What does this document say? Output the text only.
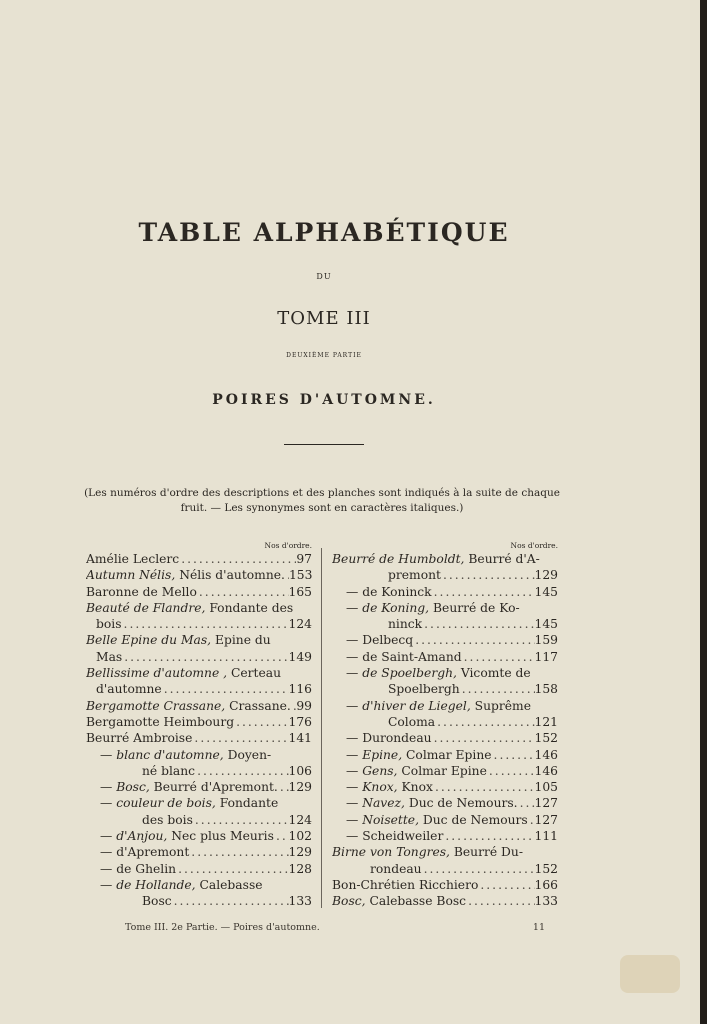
TABLE ALPHABÉTIQUE
DU
TOME III
DEUXIÈME PARTIE
POIRES D'AUTOMNE.
(Les numéros d'ordre des descriptions et des planches sont indiqués à la suite de chaque fruit. — Les synonymes sont en caractères italiques.)
Nos d'ordre.
Amélie Leclerc .....	97
Autumn Nélis, Nélis d'automne. ..... 153
Baronne de Mello .....	165
Beauté de Flandre, Fondante des
bois .....	124
Belle Epine du Mas, Epine du
Mas .....	149
Bellissime d'automne , Certeau
d'automne .....	116
Bergamotte Crassane, Crassane. ..... 99
Bergamotte Heimbourg .....	176
Beurré Ambroise .....	141
— blanc d'automne, Doyen-
né blanc .....	106
— Bosc, Beurré d'Apremont. ..... 129
— couleur de bois, Fondante
des bois .....	124
— d'Anjou, Nec plus Meuris ..... 102
— d'Apremont .....	129
— de Ghelin .....	128
— de Hollande, Calebasse
Bosc .....	133
Nos d'ordre.
Beurré de Humboldt, Beurré d'A-
premont .....	129
— de Koninck .....	145
— de Koning, Beurré de Ko-
ninck .....	145
— Delbecq .....	159
— de Saint-Amand .....	117
— de Spoelbergh, Vicomte de
Spoelbergh .....	158
— d'hiver de Liegel, Suprême
Coloma .....	121
— Durondeau .....	152
— Epine, Colmar Epine .....	146
— Gens, Colmar Epine .....	146
— Knox, Knox .....	105
— Navez, Duc de Nemours. ..... 127
— Noisette, Duc de Nemours ..... 127
— Scheidweiler .....	111
Birne von Tongres, Beurré Du-
rondeau .....	152
Bon-Chrétien Ricchiero .....	166
Bosc, Calebasse Bosc .....	133
Tome III. 2e Partie. — Poires d'automne.	11
